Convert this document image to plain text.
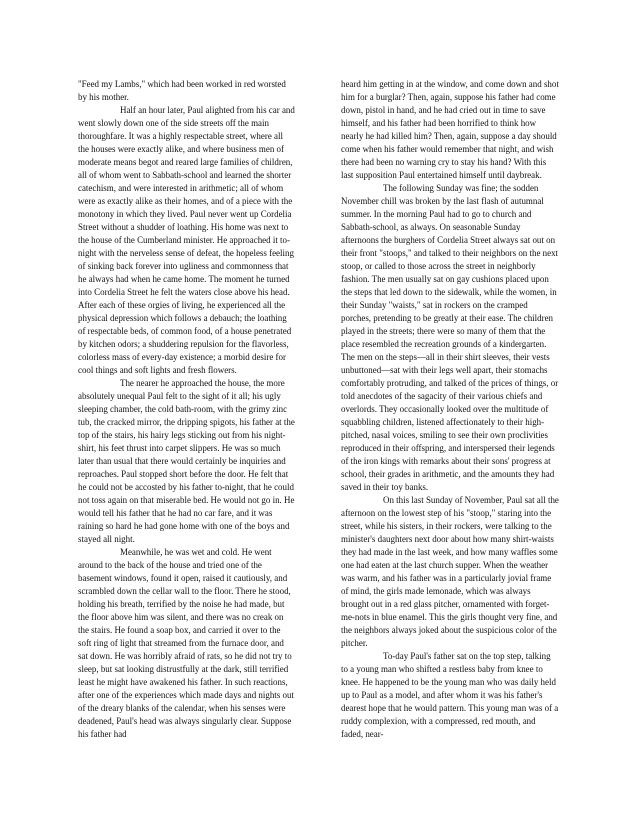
"Feed my Lambs," which had been worked in red worsted by his mother.

Half an hour later, Paul alighted from his car and went slowly down one of the side streets off the main thoroughfare. It was a highly respectable street, where all the houses were exactly alike, and where business men of moderate means begot and reared large families of children, all of whom went to Sabbath-school and learned the shorter catechism, and were interested in arithmetic; all of whom were as exactly alike as their homes, and of a piece with the monotony in which they lived. Paul never went up Cordelia Street without a shudder of loathing. His home was next to the house of the Cumberland minister. He approached it to-night with the nerveless sense of defeat, the hopeless feeling of sinking back forever into ugliness and commonness that he always had when he came home. The moment he turned into Cordelia Street he felt the waters close above his head. After each of these orgies of living, he experienced all the physical depression which follows a debauch; the loathing of respectable beds, of common food, of a house penetrated by kitchen odors; a shuddering repulsion for the flavorless, colorless mass of every-day existence; a morbid desire for cool things and soft lights and fresh flowers.

The nearer he approached the house, the more absolutely unequal Paul felt to the sight of it all; his ugly sleeping chamber, the cold bath-room, with the grimy zinc tub, the cracked mirror, the dripping spigots, his father at the top of the stairs, his hairy legs sticking out from his night-shirt, his feet thrust into carpet slippers. He was so much later than usual that there would certainly be inquiries and reproaches. Paul stopped short before the door. He felt that he could not be accosted by his father to-night, that he could not toss again on that miserable bed. He would not go in. He would tell his father that he had no car fare, and it was raining so hard he had gone home with one of the boys and stayed all night.

Meanwhile, he was wet and cold. He went around to the back of the house and tried one of the basement windows, found it open, raised it cautiously, and scrambled down the cellar wall to the floor. There he stood, holding his breath, terrified by the noise he had made, but the floor above him was silent, and there was no creak on the stairs. He found a soap box, and carried it over to the soft ring of light that streamed from the furnace door, and sat down. He was horribly afraid of rats, so he did not try to sleep, but sat looking distrustfully at the dark, still terrified least he might have awakened his father. In such reactions, after one of the experiences which made days and nights out of the dreary blanks of the calendar, when his senses were deadened, Paul's head was always singularly clear. Suppose his father had

heard him getting in at the window, and come down and shot him for a burglar? Then, again, suppose his father had come down, pistol in hand, and he had cried out in time to save himself, and his father had been horrified to think how nearly he had killed him? Then, again, suppose a day should come when his father would remember that night, and wish there had been no warning cry to stay his hand? With this last supposition Paul entertained himself until daybreak.

The following Sunday was fine; the sodden November chill was broken by the last flash of autumnal summer. In the morning Paul had to go to church and Sabbath-school, as always. On seasonable Sunday afternoons the burghers of Cordelia Street always sat out on their front "stoops," and talked to their neighbors on the next stoop, or called to those across the street in neighborly fashion. The men usually sat on gay cushions placed upon the steps that led down to the sidewalk, while the women, in their Sunday "waists," sat in rockers on the cramped porches, pretending to be greatly at their ease. The children played in the streets; there were so many of them that the place resembled the recreation grounds of a kindergarten. The men on the steps—all in their shirt sleeves, their vests unbuttoned—sat with their legs well apart, their stomachs comfortably protruding, and talked of the prices of things, or told anecdotes of the sagacity of their various chiefs and overlords. They occasionally looked over the multitude of squabbling children, listened affectionately to their high-pitched, nasal voices, smiling to see their own proclivities reproduced in their offspring, and interspersed their legends of the iron kings with remarks about their sons' progress at school, their grades in arithmetic, and the amounts they had saved in their toy banks.

On this last Sunday of November, Paul sat all the afternoon on the lowest step of his "stoop," staring into the street, while his sisters, in their rockers, were talking to the minister's daughters next door about how many shirt-waists they had made in the last week, and how many waffles some one had eaten at the last church supper. When the weather was warm, and his father was in a particularly jovial frame of mind, the girls made lemonade, which was always brought out in a red glass pitcher, ornamented with forget-me-nots in blue enamel. This the girls thought very fine, and the neighbors always joked about the suspicious color of the pitcher.

To-day Paul's father sat on the top step, talking to a young man who shifted a restless baby from knee to knee. He happened to be the young man who was daily held up to Paul as a model, and after whom it was his father's dearest hope that he would pattern. This young man was of a ruddy complexion, with a compressed, red mouth, and faded, near-
